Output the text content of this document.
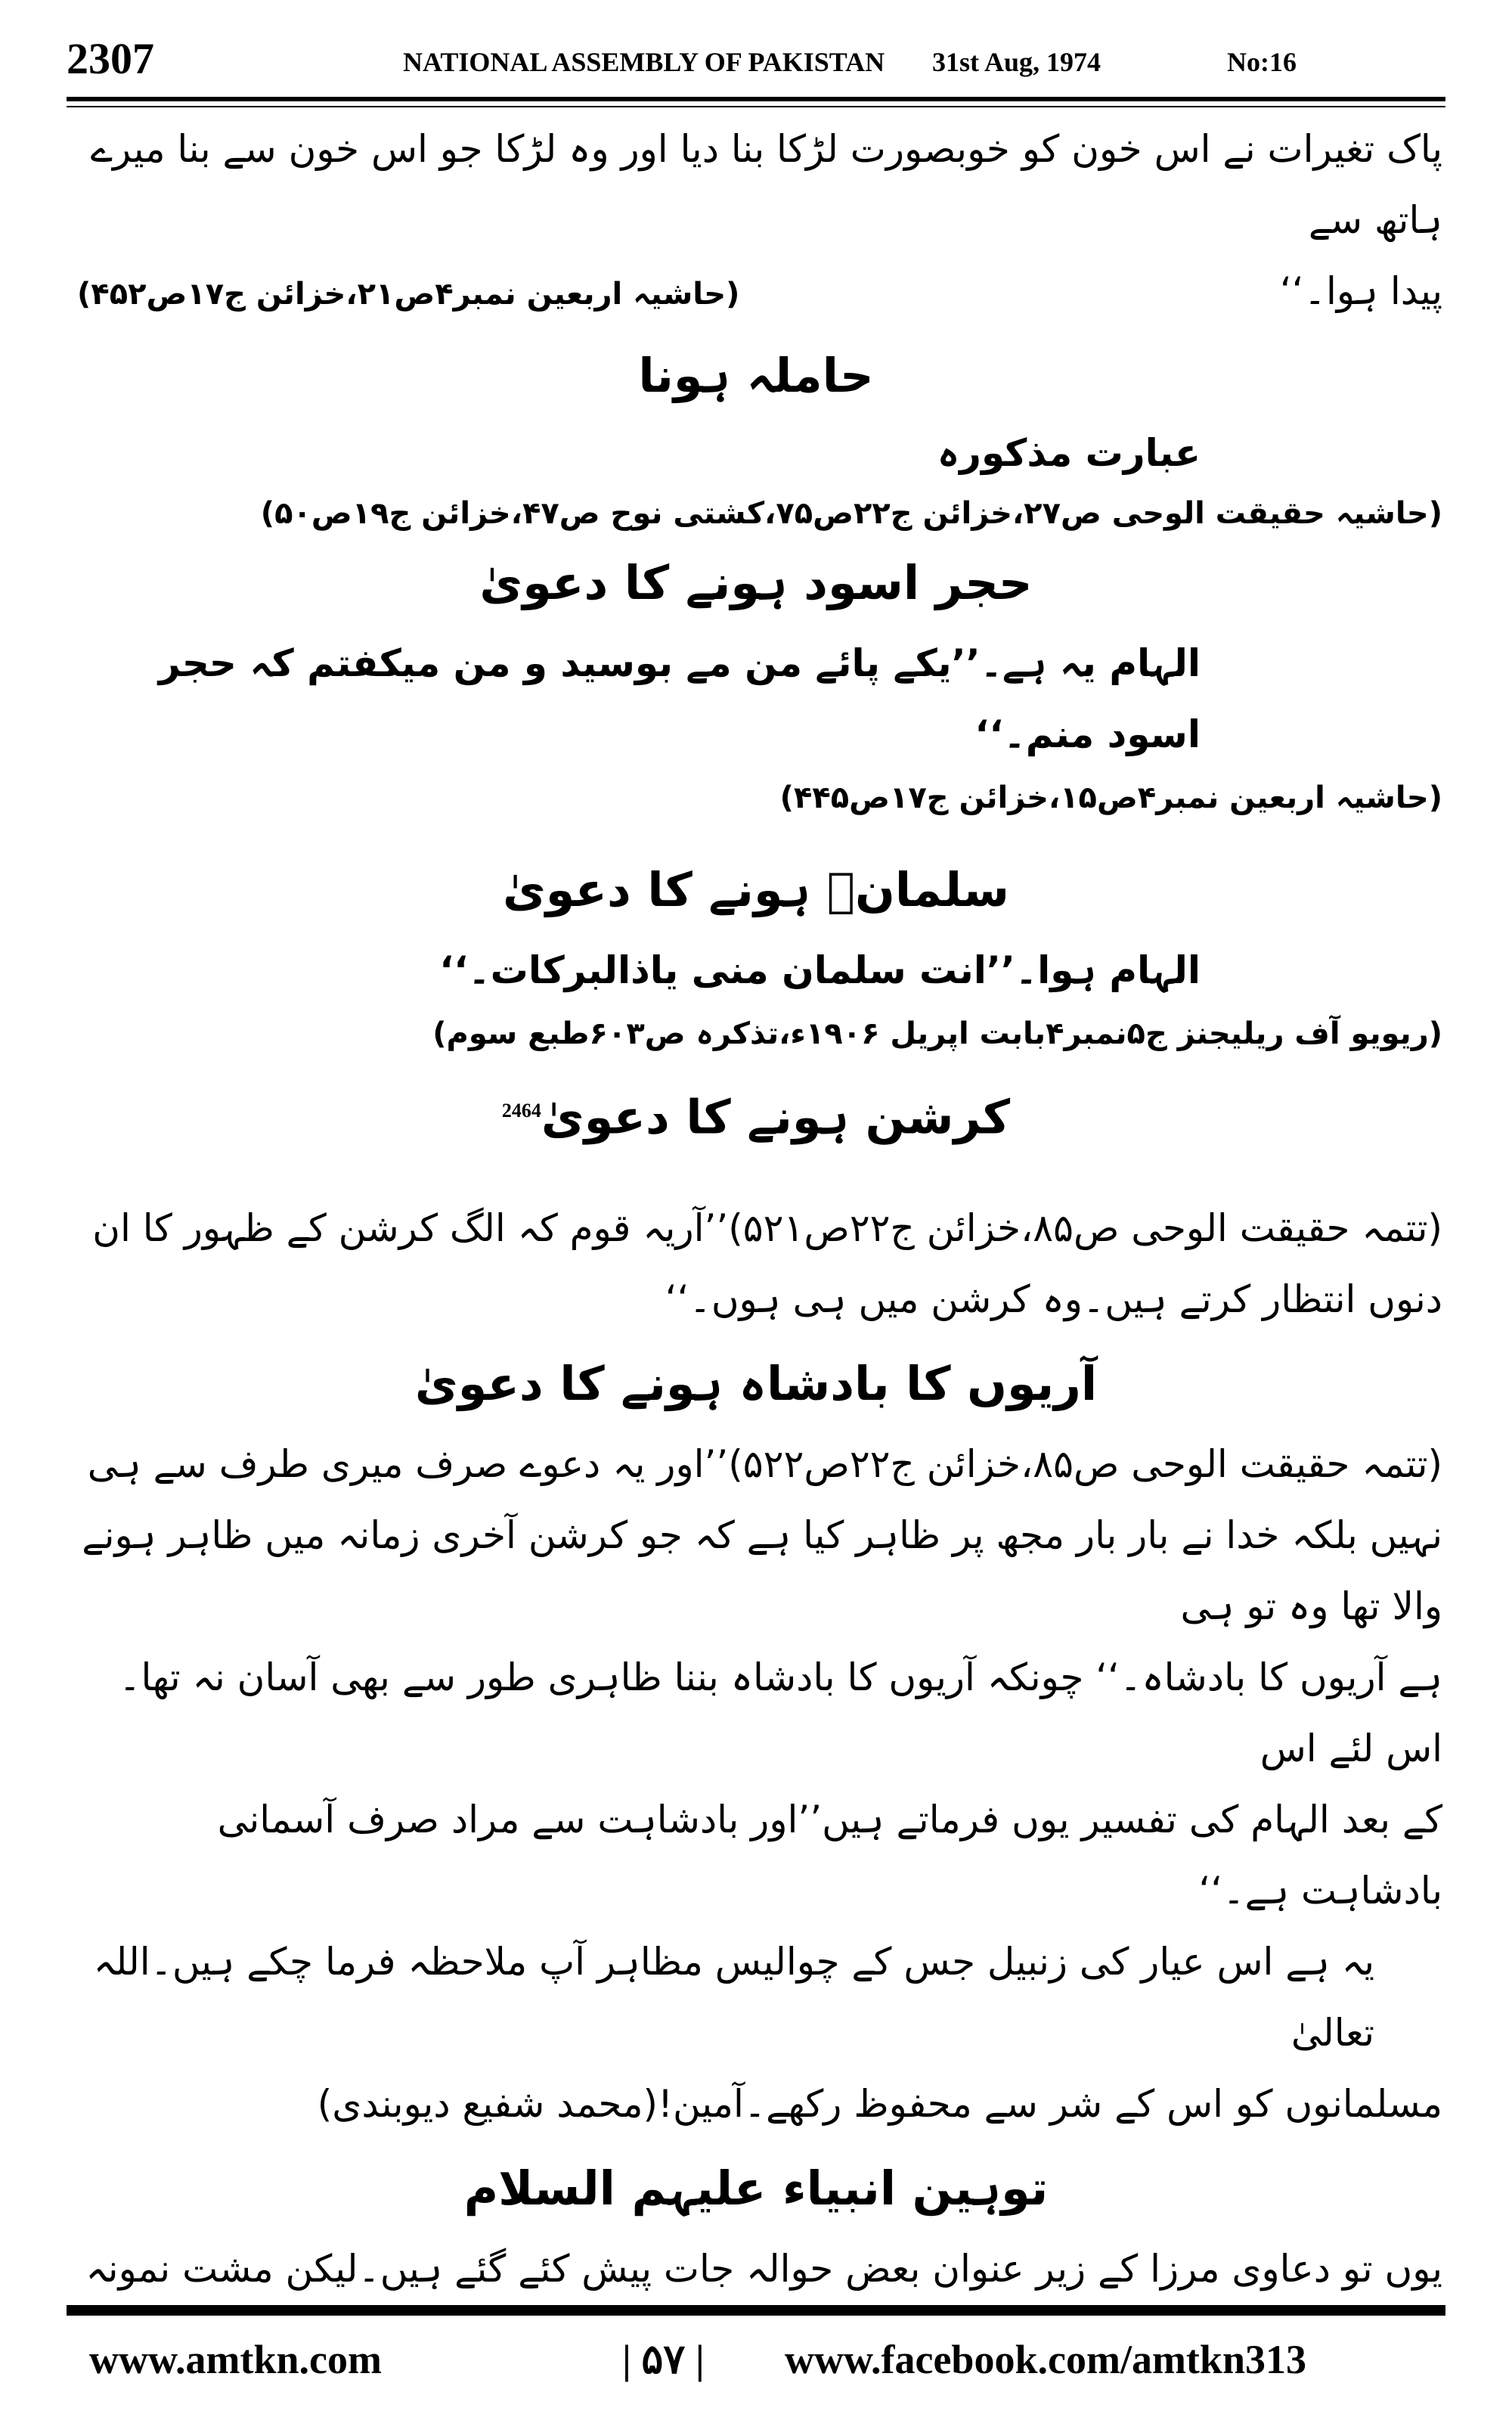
2307	NATIONAL ASSEMBLY OF PAKISTAN 31st Aug, 1974	No:16

پاک تغیرات نے اس خون کو خوبصورت لڑکا بنا دیا اور وہ لڑکا جو اس خون سے بنا میرے ہاتھ سے

پیدا ہوا۔‘‘
(حاشیہ اربعین نمبر۴ص۲۱،خزائن ج۱۷ص۴۵۲)
حاملہ ہونا

عبارت مذکورہ

(حاشیہ حقیقت الوحی ص۲۷،خزائن ج۲۲ص۷۵،کشتی نوح ص۴۷،خزائن ج۱۹ص۵۰)

حجر اسود ہونے کا دعویٰ

الہام یہ ہے۔’’یکے پائے من مے بوسید و من میکفتم کہ حجر اسود منم۔‘‘

(حاشیہ اربعین نمبر۴ص۱۵،خزائن ج۱۷ص۴۴۵)

سلمانؓ ہونے کا دعویٰ

الہام ہوا۔’’انت سلمان منی یاذالبرکات۔‘‘

(ریویو آف ریلیجنز ج۵نمبر۴بابت اپریل ۱۹۰۶ء،تذکرہ ص۶۰۳طبع سوم)

کرشن ہونے کا دعویٰ$^{2464}$

(تتمہ حقیقت الوحی ص۸۵،خزائن ج۲۲ص۵۲۱)’’آریہ قوم کہ الگ کرشن کے ظہور کا ان

دنوں انتظار کرتے ہیں۔وہ کرشن میں ہی ہوں۔‘‘

آریوں کا بادشاہ ہونے کا دعویٰ

(تتمہ حقیقت الوحی ص۸۵،خزائن ج۲۲ص۵۲۲)’’اور یہ دعوے صرف میری طرف سے ہی

نہیں بلکہ خدا نے بار بار مجھ پر ظاہر کیا ہے کہ جو کرشن آخری زمانہ میں ظاہر ہونے والا تھا وہ تو ہی

ہے آریوں کا بادشاہ۔‘‘ چونکہ آریوں کا بادشاہ بننا ظاہری طور سے بھی آسان نہ تھا۔اس لئے اس

کے بعد الہام کی تفسیر یوں فرماتے ہیں’’اور بادشاہت سے مراد صرف آسمانی بادشاہت ہے۔‘‘

یہ ہے اس عیار کی زنبیل جس کے چوالیس مظاہر آپ ملاحظہ فرما چکے ہیں۔اللہ تعالیٰ

مسلمانوں کو اس کے شر سے محفوظ رکھے۔آمین!(محمد شفیع دیوبندی)

توہین انبیاء علیہم السلام

یوں تو دعاوی مرزا کے زیر عنوان بعض حوالہ جات پیش کئے گئے ہیں۔لیکن مشت نمونہ

www.amtkn.com	| ۵۷ | www.facebook.com/amtkn313
